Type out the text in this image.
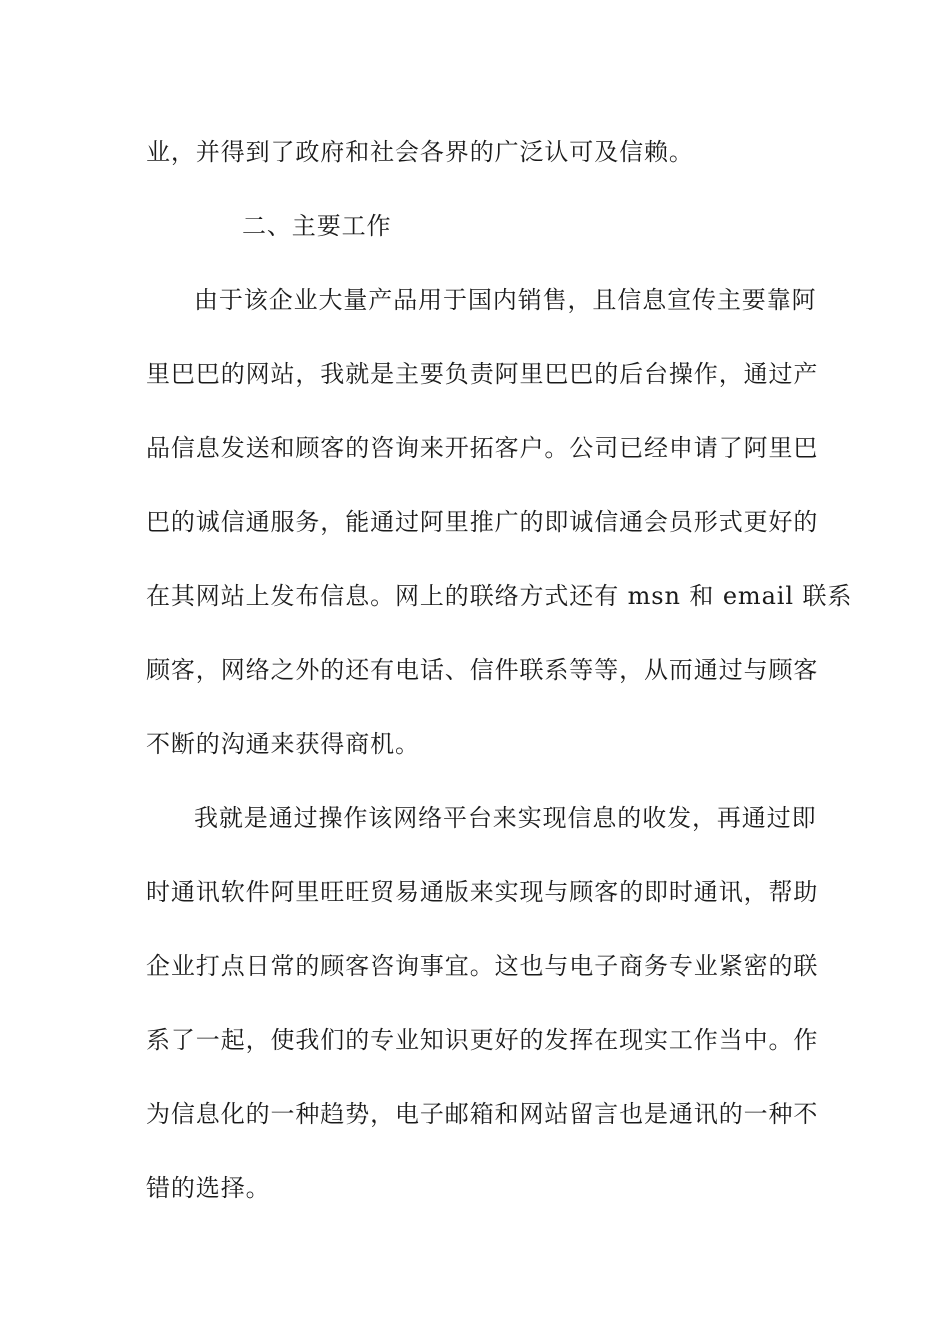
业，并得到了政府和社会各界的广泛认可及信赖。
二、主要工作
由于该企业大量产品用于国内销售，且信息宣传主要靠阿
里巴巴的网站，我就是主要负责阿里巴巴的后台操作，通过产
品信息发送和顾客的咨询来开拓客户。公司已经申请了阿里巴
巴的诚信通服务，能通过阿里推广的即诚信通会员形式更好的
在其网站上发布信息。网上的联络方式还有 msn 和 email 联系
顾客，网络之外的还有电话、信件联系等等，从而通过与顾客
不断的沟通来获得商机。
我就是通过操作该网络平台来实现信息的收发，再通过即
时通讯软件阿里旺旺贸易通版来实现与顾客的即时通讯，帮助
企业打点日常的顾客咨询事宜。这也与电子商务专业紧密的联
系了一起，使我们的专业知识更好的发挥在现实工作当中。作
为信息化的一种趋势，电子邮箱和网站留言也是通讯的一种不
错的选择。
